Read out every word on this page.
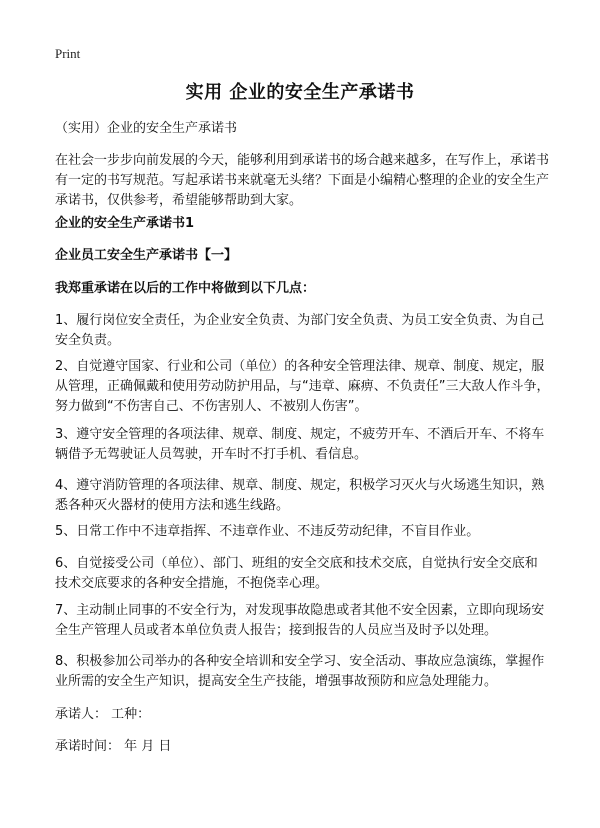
Print
实用 企业的安全生产承诺书

（实用）企业的安全生产承诺书

在社会一步步向前发展的今天，能够利用到承诺书的场合越来越多，在写作上，承诺书有一定的书写规范。写起承诺书来就毫无头绪？下面是小编精心整理的企业的安全生产承诺书，仅供参考，希望能够帮助到大家。

企业的安全生产承诺书1

企业员工安全生产承诺书【一】

我郑重承诺在以后的工作中将做到以下几点：

1、履行岗位安全责任，为企业安全负责、为部门安全负责、为员工安全负责、为自己安全负责。

2、自觉遵守国家、行业和公司（单位）的各种安全管理法律、规章、制度、规定，服从管理，正确佩戴和使用劳动防护用品，与“违章、麻痹、不负责任”三大敌人作斗争，努力做到“不伤害自己、不伤害别人、不被别人伤害”。

3、遵守安全管理的各项法律、规章、制度、规定，不疲劳开车、不酒后开车、不将车辆借予无驾驶证人员驾驶，开车时不打手机、看信息。

4、遵守消防管理的各项法律、规章、制度、规定，积极学习灭火与火场逃生知识，熟悉各种灭火器材的使用方法和逃生线路。

5、日常工作中不违章指挥、不违章作业、不违反劳动纪律，不盲目作业。

6、自觉接受公司（单位）、部门、班组的安全交底和技术交底，自觉执行安全交底和技术交底要求的各种安全措施，不抱侥幸心理。

7、主动制止同事的不安全行为，对发现事故隐患或者其他不安全因素，立即向现场安全生产管理人员或者本单位负责人报告；接到报告的人员应当及时予以处理。

8、积极参加公司举办的各种安全培训和安全学习、安全活动、事故应急演练，掌握作业所需的安全生产知识，提高安全生产技能，增强事故预防和应急处理能力。

承诺人： 工种：

承诺时间： 年 月 日
